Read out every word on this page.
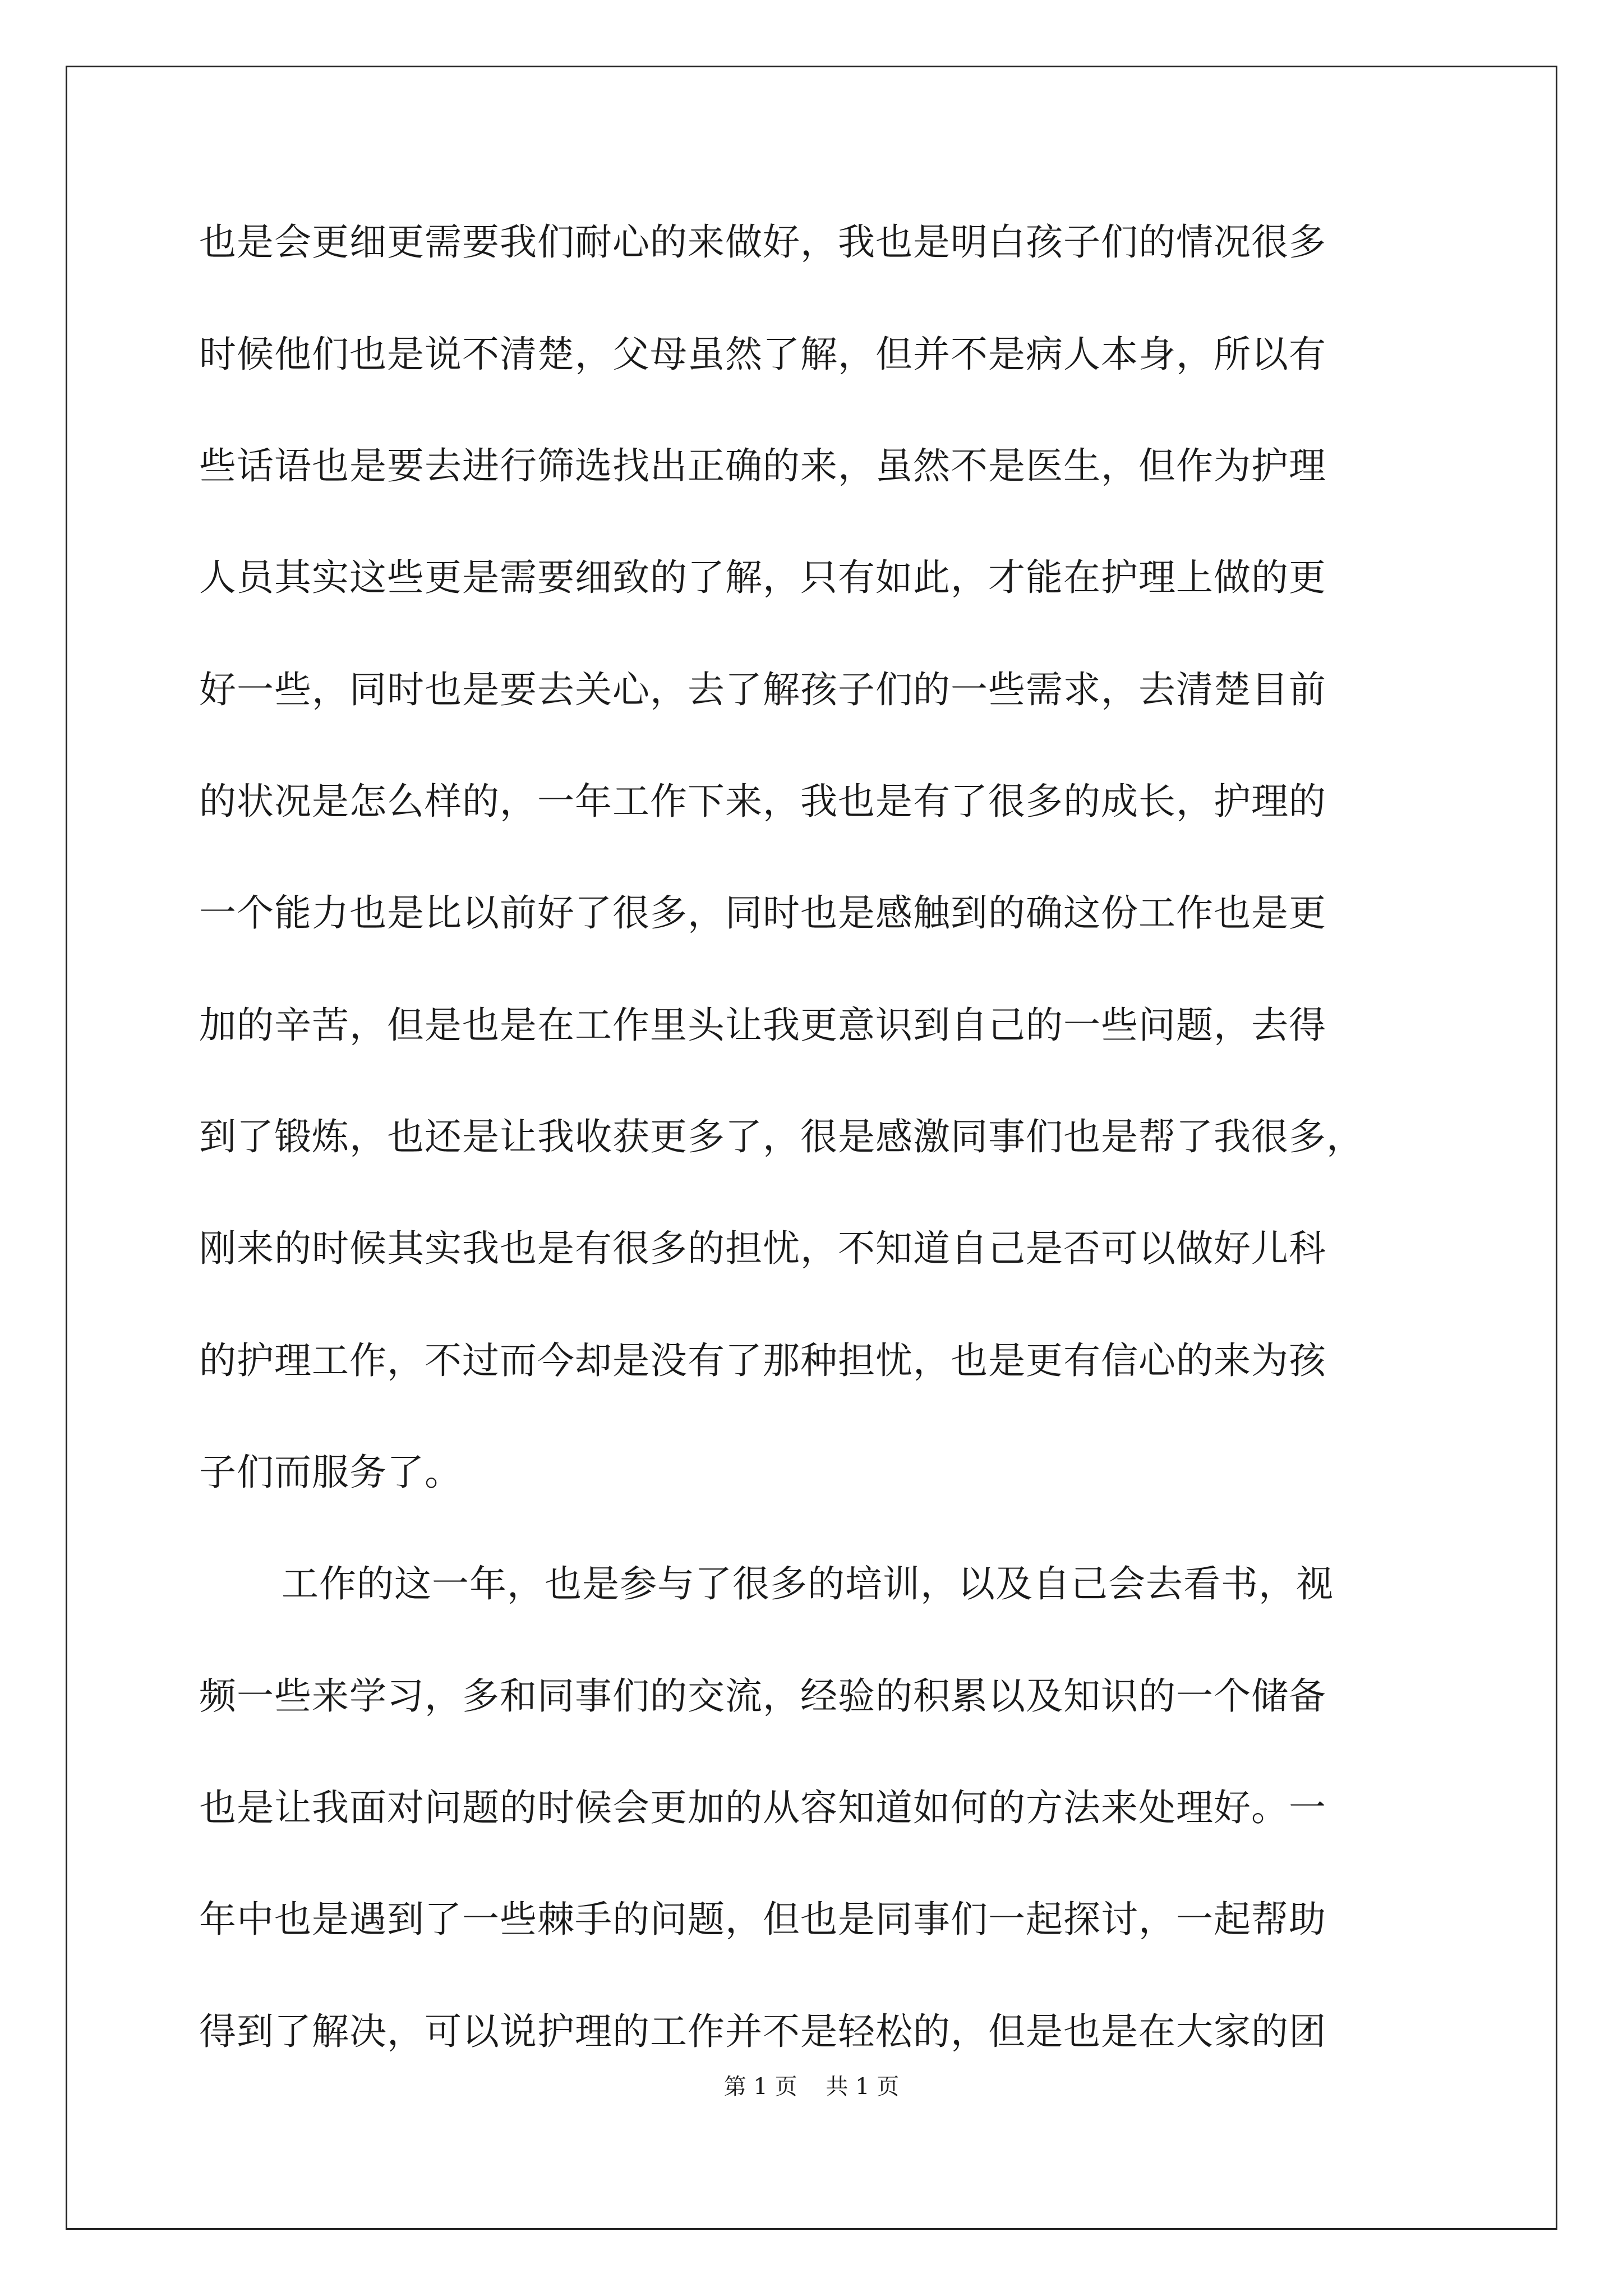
也是会更细更需要我们耐心的来做好，我也是明白孩子们的情况很多
时候他们也是说不清楚，父母虽然了解，但并不是病人本身，所以有
些话语也是要去进行筛选找出正确的来，虽然不是医生，但作为护理
人员其实这些更是需要细致的了解，只有如此，才能在护理上做的更
好一些，同时也是要去关心，去了解孩子们的一些需求，去清楚目前
的状况是怎么样的，一年工作下来，我也是有了很多的成长，护理的
一个能力也是比以前好了很多，同时也是感触到的确这份工作也是更
加的辛苦，但是也是在工作里头让我更意识到自己的一些问题，去得
到了锻炼，也还是让我收获更多了，很是感激同事们也是帮了我很多，
刚来的时候其实我也是有很多的担忧，不知道自己是否可以做好儿科
的护理工作，不过而今却是没有了那种担忧，也是更有信心的来为孩
子们而服务了。
工作的这一年，也是参与了很多的培训，以及自己会去看书，视
频一些来学习，多和同事们的交流，经验的积累以及知识的一个储备
也是让我面对问题的时候会更加的从容知道如何的方法来处理好。一
年中也是遇到了一些棘手的问题，但也是同事们一起探讨，一起帮助
得到了解决，可以说护理的工作并不是轻松的，但是也是在大家的团
第 1 页    共 1 页
